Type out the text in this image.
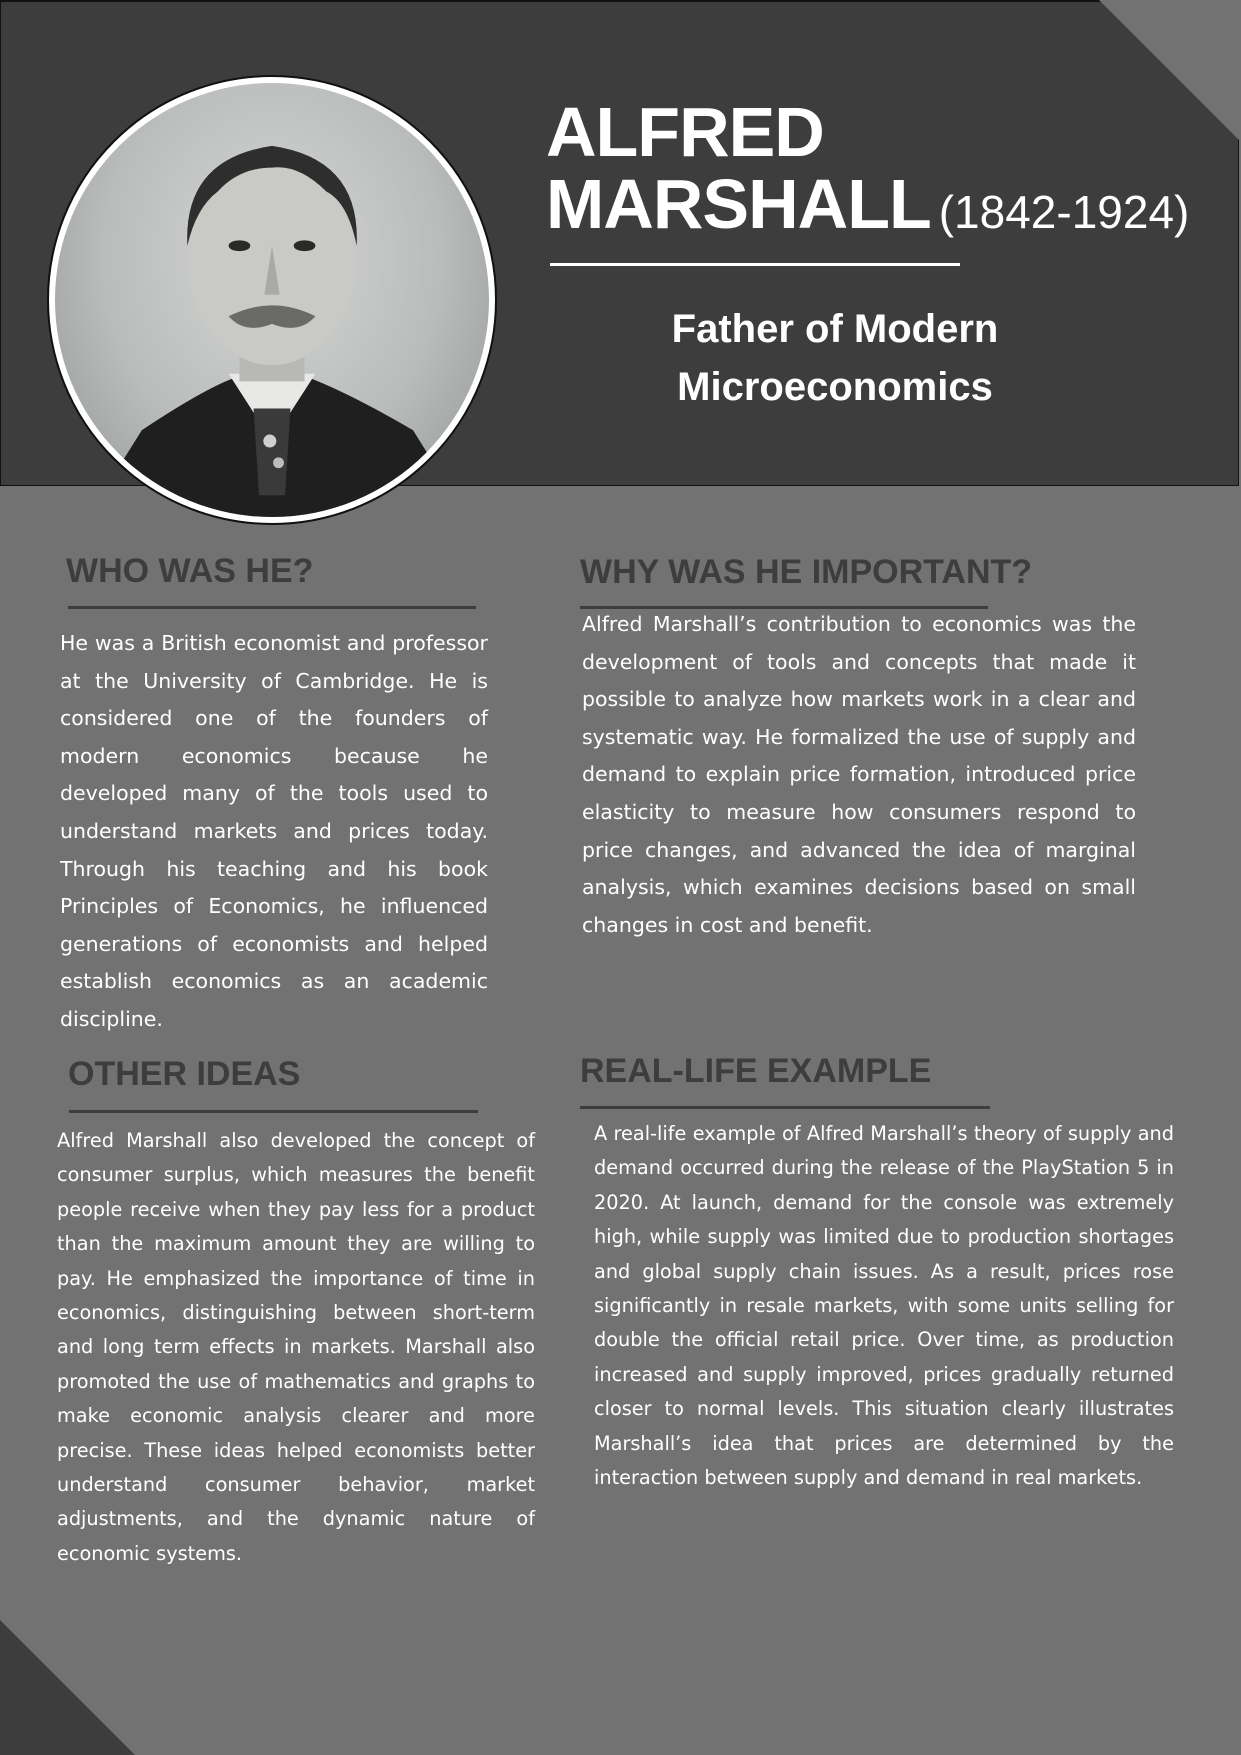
ALFRED
MARSHALL (1842-1924)
Father of Modern
Microeconomics
WHO WAS HE?
He was a British economist and professor at the University of Cambridge. He is considered one of the founders of modern economics because he developed many of the tools used to understand markets and prices today. Through his teaching and his book Principles of Economics, he influenced generations of economists and helped establish economics as an academic discipline.
WHY WAS HE IMPORTANT?
Alfred Marshall’s contribution to economics was the development of tools and concepts that made it possible to analyze how markets work in a clear and systematic way. He formalized the use of supply and demand to explain price formation, introduced price elasticity to measure how consumers respond to price changes, and advanced the idea of marginal analysis, which examines decisions based on small changes in cost and benefit.
OTHER IDEAS
Alfred Marshall also developed the concept of consumer surplus, which measures the benefit people receive when they pay less for a product than the maximum amount they are willing to pay. He emphasized the importance of time in economics, distinguishing between short-term and long term effects in markets. Marshall also promoted the use of mathematics and graphs to make economic analysis clearer and more precise. These ideas helped economists better understand consumer behavior, market adjustments, and the dynamic nature of economic systems.
REAL-LIFE EXAMPLE
A real-life example of Alfred Marshall’s theory of supply and demand occurred during the release of the PlayStation 5 in 2020. At launch, demand for the console was extremely high, while supply was limited due to production shortages and global supply chain issues. As a result, prices rose significantly in resale markets, with some units selling for double the official retail price. Over time, as production increased and supply improved, prices gradually returned closer to normal levels. This situation clearly illustrates Marshall’s idea that prices are determined by the interaction between supply and demand in real markets.
